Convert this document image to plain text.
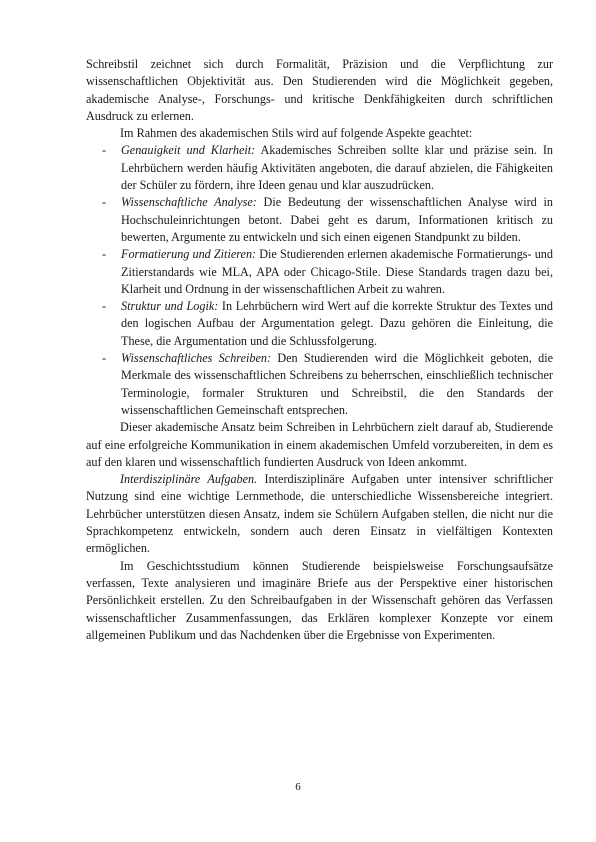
Schreibstil zeichnet sich durch Formalität, Präzision und die Verpflichtung zur wissenschaftlichen Objektivität aus. Den Studierenden wird die Möglichkeit gegeben, akademische Analyse-, Forschungs- und kritische Denkfähigkeiten durch schriftlichen Ausdruck zu erlernen.

Im Rahmen des akademischen Stils wird auf folgende Aspekte geachtet:

- Genauigkeit und Klarheit: Akademisches Schreiben sollte klar und präzise sein. In Lehrbüchern werden häufig Aktivitäten angeboten, die darauf abzielen, die Fähigkeiten der Schüler zu fördern, ihre Ideen genau und klar auszudrücken.
- Wissenschaftliche Analyse: Die Bedeutung der wissenschaftlichen Analyse wird in Hochschuleinrichtungen betont. Dabei geht es darum, Informationen kritisch zu bewerten, Argumente zu entwickeln und sich einen eigenen Standpunkt zu bilden.
- Formatierung und Zitieren: Die Studierenden erlernen akademische Formatierungs- und Zitierstandards wie MLA, APA oder Chicago-Stile. Diese Standards tragen dazu bei, Klarheit und Ordnung in der wissenschaftlichen Arbeit zu wahren.
- Struktur und Logik: In Lehrbüchern wird Wert auf die korrekte Struktur des Textes und den logischen Aufbau der Argumentation gelegt. Dazu gehören die Einleitung, die These, die Argumentation und die Schlussfolgerung.
- Wissenschaftliches Schreiben: Den Studierenden wird die Möglichkeit geboten, die Merkmale des wissenschaftlichen Schreibens zu beherrschen, einschließlich technischer Terminologie, formaler Strukturen und Schreibstil, die den Standards der wissenschaftlichen Gemeinschaft entsprechen.

Dieser akademische Ansatz beim Schreiben in Lehrbüchern zielt darauf ab, Studierende auf eine erfolgreiche Kommunikation in einem akademischen Umfeld vorzubereiten, in dem es auf den klaren und wissenschaftlich fundierten Ausdruck von Ideen ankommt.

Interdisziplinäre Aufgaben. Interdisziplinäre Aufgaben unter intensiver schriftlicher Nutzung sind eine wichtige Lernmethode, die unterschiedliche Wissensbereiche integriert. Lehrbücher unterstützen diesen Ansatz, indem sie Schülern Aufgaben stellen, die nicht nur die Sprachkompetenz entwickeln, sondern auch deren Einsatz in vielfältigen Kontexten ermöglichen.

Im Geschichtsstudium können Studierende beispielsweise Forschungsaufsätze verfassen, Texte analysieren und imaginäre Briefe aus der Perspektive einer historischen Persönlichkeit erstellen. Zu den Schreibaufgaben in der Wissenschaft gehören das Verfassen wissenschaftlicher Zusammenfassungen, das Erklären komplexer Konzepte vor einem allgemeinen Publikum und das Nachdenken über die Ergebnisse von Experimenten.

6
